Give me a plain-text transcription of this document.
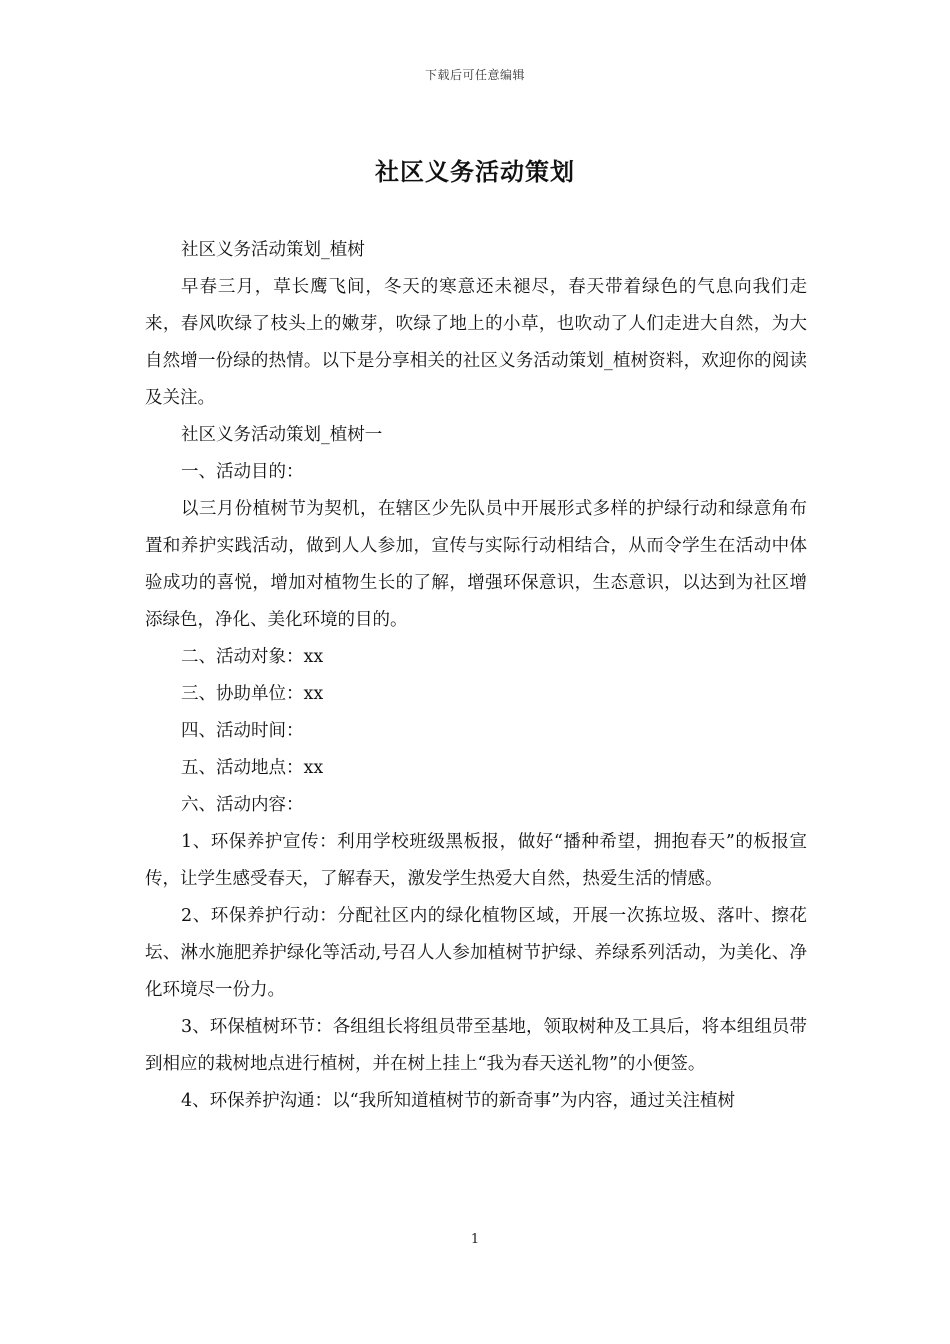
下载后可任意编辑
社区义务活动策划

社区义务活动策划_植树

早春三月，草长鹰飞间，冬天的寒意还未褪尽，春天带着绿色的气息向我们走来，春风吹绿了枝头上的嫩芽，吹绿了地上的小草，也吹动了人们走进大自然，为大自然增一份绿的热情。以下是分享相关的社区义务活动策划_植树资料，欢迎你的阅读及关注。

社区义务活动策划_植树一

一、活动目的：

以三月份植树节为契机，在辖区少先队员中开展形式多样的护绿行动和绿意角布置和养护实践活动，做到人人参加，宣传与实际行动相结合，从而令学生在活动中体验成功的喜悦，增加对植物生长的了解，增强环保意识，生态意识，以达到为社区增添绿色，净化、美化环境的目的。

二、活动对象：xx

三、协助单位：xx

四、活动时间：

五、活动地点：xx

六、活动内容：

1、环保养护宣传：利用学校班级黑板报，做好“播种希望，拥抱春天”的板报宣传，让学生感受春天，了解春天，激发学生热爱大自然，热爱生活的情感。

2、环保养护行动：分配社区内的绿化植物区域，开展一次拣垃圾、落叶、擦花坛、淋水施肥养护绿化等活动,号召人人参加植树节护绿、养绿系列活动，为美化、净化环境尽一份力。

3、环保植树环节：各组组长将组员带至基地，领取树种及工具后，将本组组员带到相应的栽树地点进行植树，并在树上挂上“我为春天送礼物”的小便签。

4、环保养护沟通：以“我所知道植树节的新奇事”为内容，通过关注植树

1
